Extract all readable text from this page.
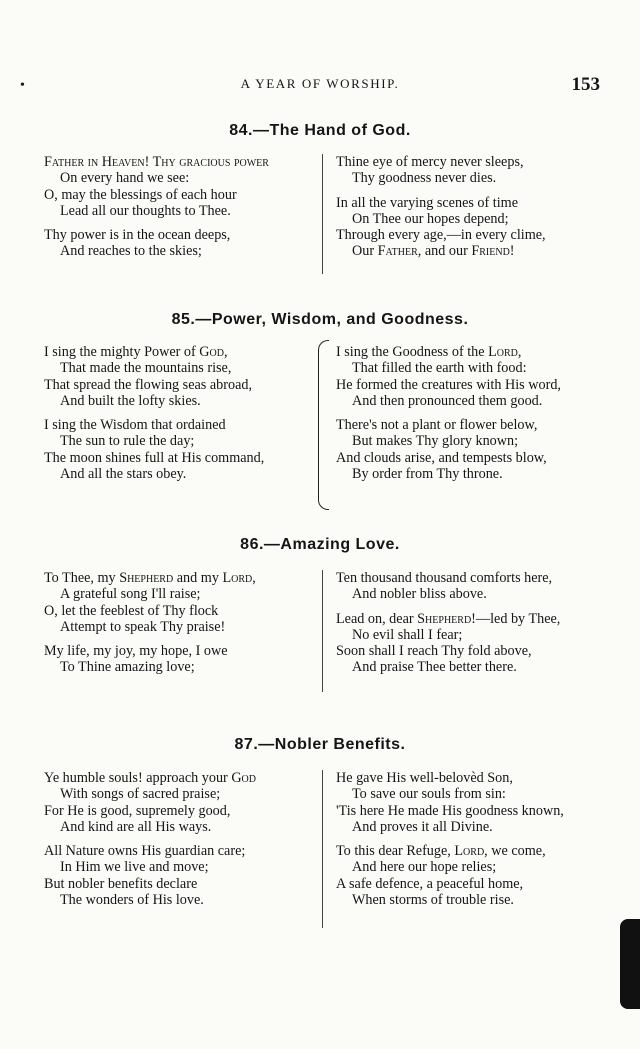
•	A YEAR OF WORSHIP.	153
84.—The Hand of God.
Father in Heaven! Thy gracious power
On every hand we see:
O, may the blessings of each hour
Lead all our thoughts to Thee.
Thy power is in the ocean deeps,
And reaches to the skies;
Thine eye of mercy never sleeps,
Thy goodness never dies.
In all the varying scenes of time
On Thee our hopes depend;
Through every age,—in every clime,
Our Father, and our Friend!
85.—Power, Wisdom, and Goodness.
I sing the mighty Power of God,
That made the mountains rise,
That spread the flowing seas abroad,
And built the lofty skies.
I sing the Wisdom that ordained
The sun to rule the day;
The moon shines full at His command,
And all the stars obey.
I sing the Goodness of the Lord,
That filled the earth with food:
He formed the creatures with His word,
And then pronounced them good.
There's not a plant or flower below,
But makes Thy glory known;
And clouds arise, and tempests blow,
By order from Thy throne.
86.—Amazing Love.
To Thee, my Shepherd and my Lord,
A grateful song I'll raise;
O, let the feeblest of Thy flock
Attempt to speak Thy praise!
My life, my joy, my hope, I owe
To Thine amazing love;
Ten thousand thousand comforts here,
And nobler bliss above.
Lead on, dear Shepherd!—led by Thee,
No evil shall I fear;
Soon shall I reach Thy fold above,
And praise Thee better there.
87.—Nobler Benefits.
Ye humble souls! approach your God
With songs of sacred praise;
For He is good, supremely good,
And kind are all His ways.
All Nature owns His guardian care;
In Him we live and move;
But nobler benefits declare
The wonders of His love.
He gave His well-belovèd Son,
To save our souls from sin:
'Tis here He made His goodness known,
And proves it all Divine.
To this dear Refuge, Lord, we come,
And here our hope relies;
A safe defence, a peaceful home,
When storms of trouble rise.
